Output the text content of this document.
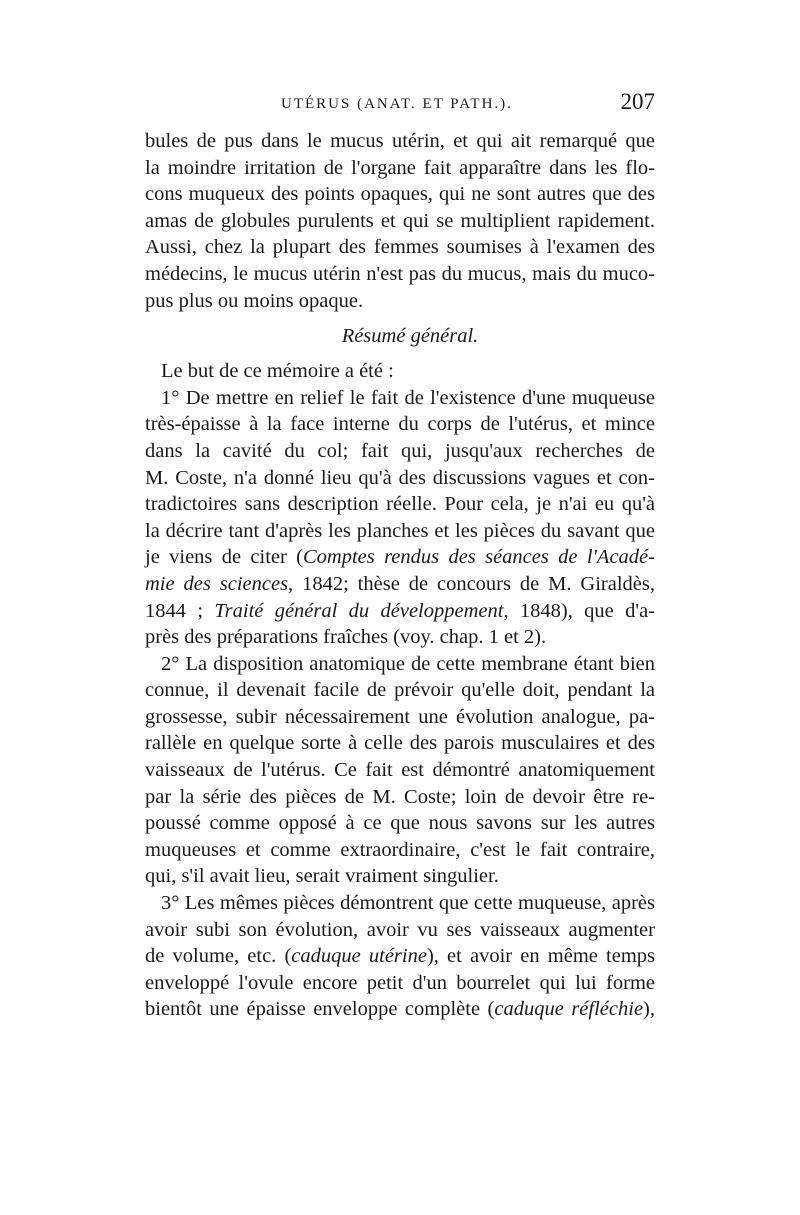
UTÉRUS (ANAT. ET PATH.).	207
bules de pus dans le mucus utérin, et qui ait remarqué que
la moindre irritation de l'organe fait apparaître dans les flo-
cons muqueux des points opaques, qui ne sont autres que des
amas de globules purulents et qui se multiplient rapidement.
Aussi, chez la plupart des femmes soumises à l'examen des
médecins, le mucus utérin n'est pas du mucus, mais du muco-
pus plus ou moins opaque.
Résumé général.
Le but de ce mémoire a été :
1° De mettre en relief le fait de l'existence d'une muqueuse
très-épaisse à la face interne du corps de l'utérus, et mince
dans la cavité du col; fait qui, jusqu'aux recherches de
M. Coste, n'a donné lieu qu'à des discussions vagues et con-
tradictoires sans description réelle. Pour cela, je n'ai eu qu'à
la décrire tant d'après les planches et les pièces du savant que
je viens de citer (Comptes rendus des séances de l'Acadé-
mie des sciences, 1842; thèse de concours de M. Giraldès,
1844 ; Traité général du développement, 1848), que d'a-
près des préparations fraîches (voy. chap. 1 et 2).
2° La disposition anatomique de cette membrane étant bien
connue, il devenait facile de prévoir qu'elle doit, pendant la
grossesse, subir nécessairement une évolution analogue, pa-
rallèle en quelque sorte à celle des parois musculaires et des
vaisseaux de l'utérus. Ce fait est démontré anatomiquement
par la série des pièces de M. Coste; loin de devoir être re-
poussé comme opposé à ce que nous savons sur les autres
muqueuses et comme extraordinaire, c'est le fait contraire,
qui, s'il avait lieu, serait vraiment singulier.
3° Les mêmes pièces démontrent que cette muqueuse, après
avoir subi son évolution, avoir vu ses vaisseaux augmenter
de volume, etc. (caduque utérine), et avoir en même temps
enveloppé l'ovule encore petit d'un bourrelet qui lui forme
bientôt une épaisse enveloppe complète (caduque réfléchie),
